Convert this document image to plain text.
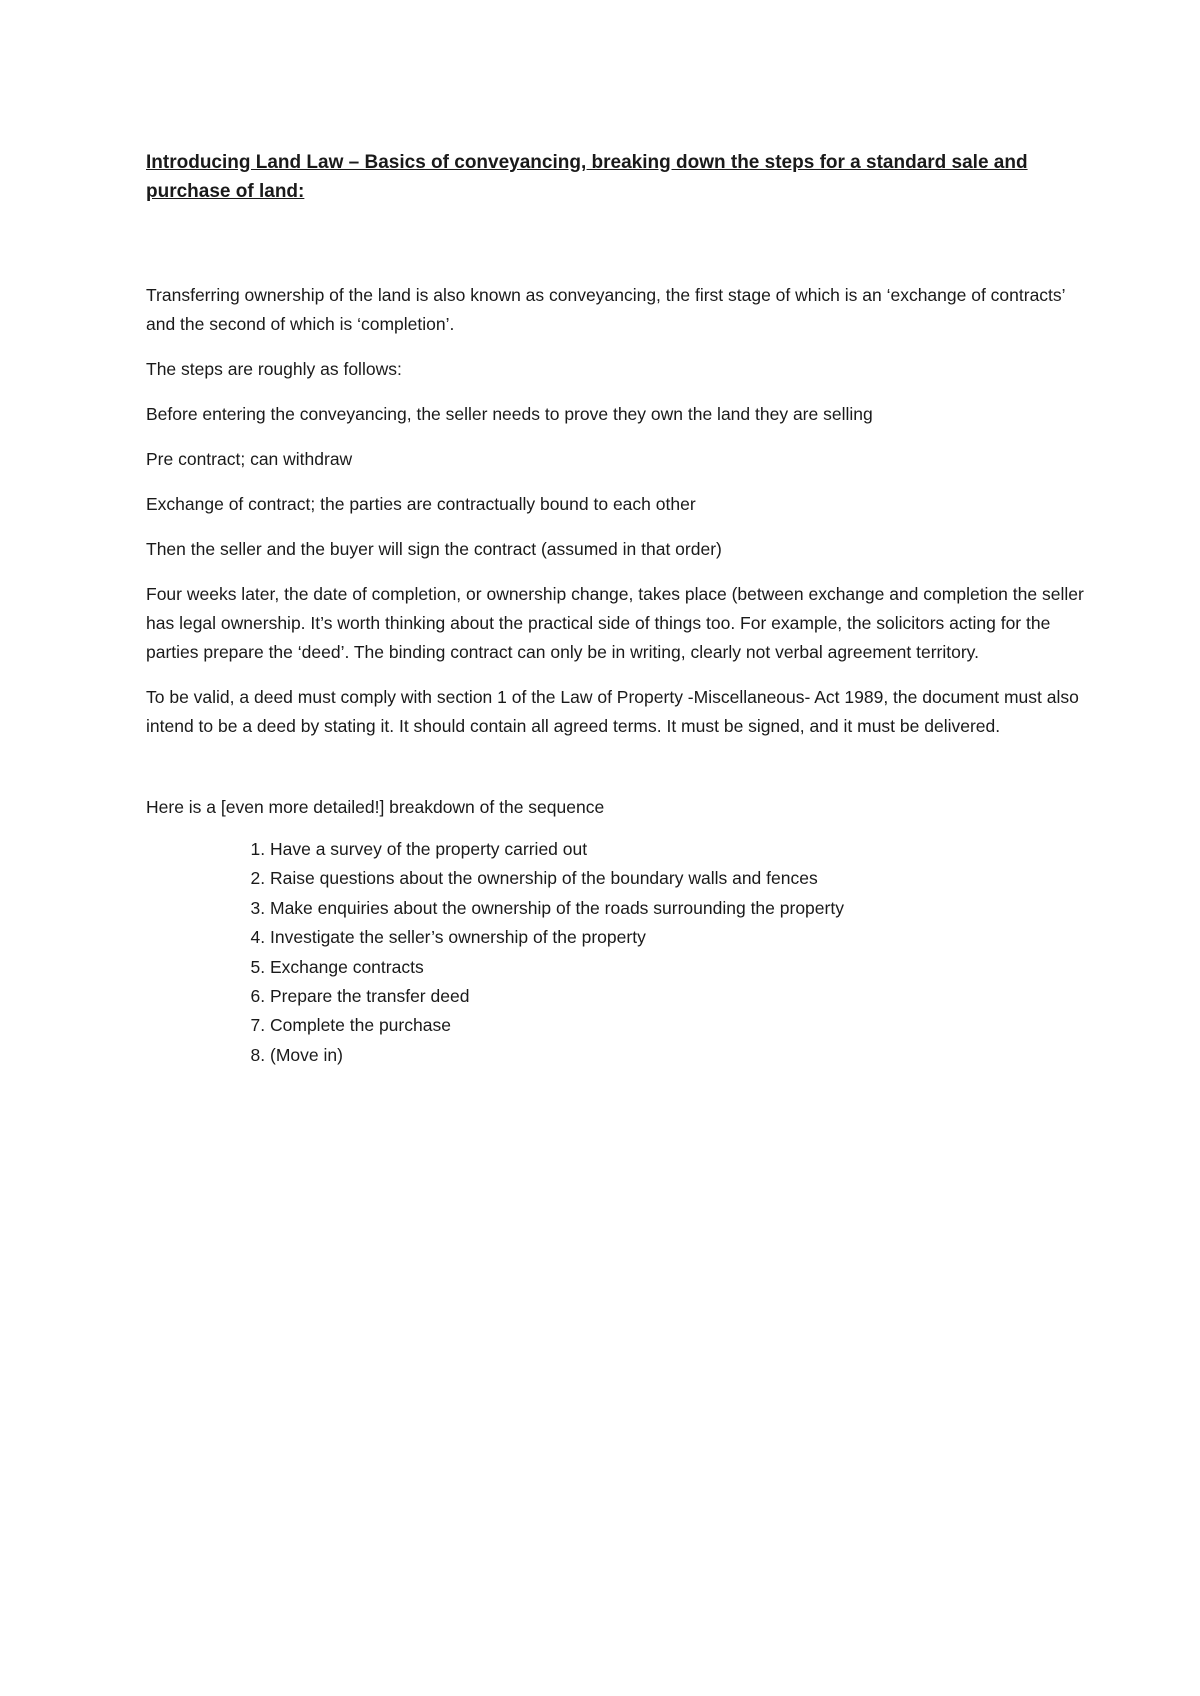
Introducing Land Law – Basics of conveyancing, breaking down the steps for a standard sale and purchase of land:

Transferring ownership of the land is also known as conveyancing, the first stage of which is an ‘exchange of contracts’ and the second of which is ‘completion’.

The steps are roughly as follows:

Before entering the conveyancing, the seller needs to prove they own the land they are selling

Pre contract; can withdraw

Exchange of contract; the parties are contractually bound to each other

Then the seller and the buyer will sign the contract (assumed in that order)

Four weeks later, the date of completion, or ownership change, takes place (between exchange and completion the seller has legal ownership. It’s worth thinking about the practical side of things too. For example, the solicitors acting for the parties prepare the ‘deed’. The binding contract can only be in writing, clearly not verbal agreement territory.

To be valid, a deed must comply with section 1 of the Law of Property -Miscellaneous- Act 1989, the document must also intend to be a deed by stating it. It should contain all agreed terms. It must be signed, and it must be delivered.

Here is a [even more detailed!] breakdown of the sequence

1. Have a survey of the property carried out
2. Raise questions about the ownership of the boundary walls and fences
3. Make enquiries about the ownership of the roads surrounding the property
4. Investigate the seller’s ownership of the property
5. Exchange contracts
6. Prepare the transfer deed
7. Complete the purchase
8. (Move in)
